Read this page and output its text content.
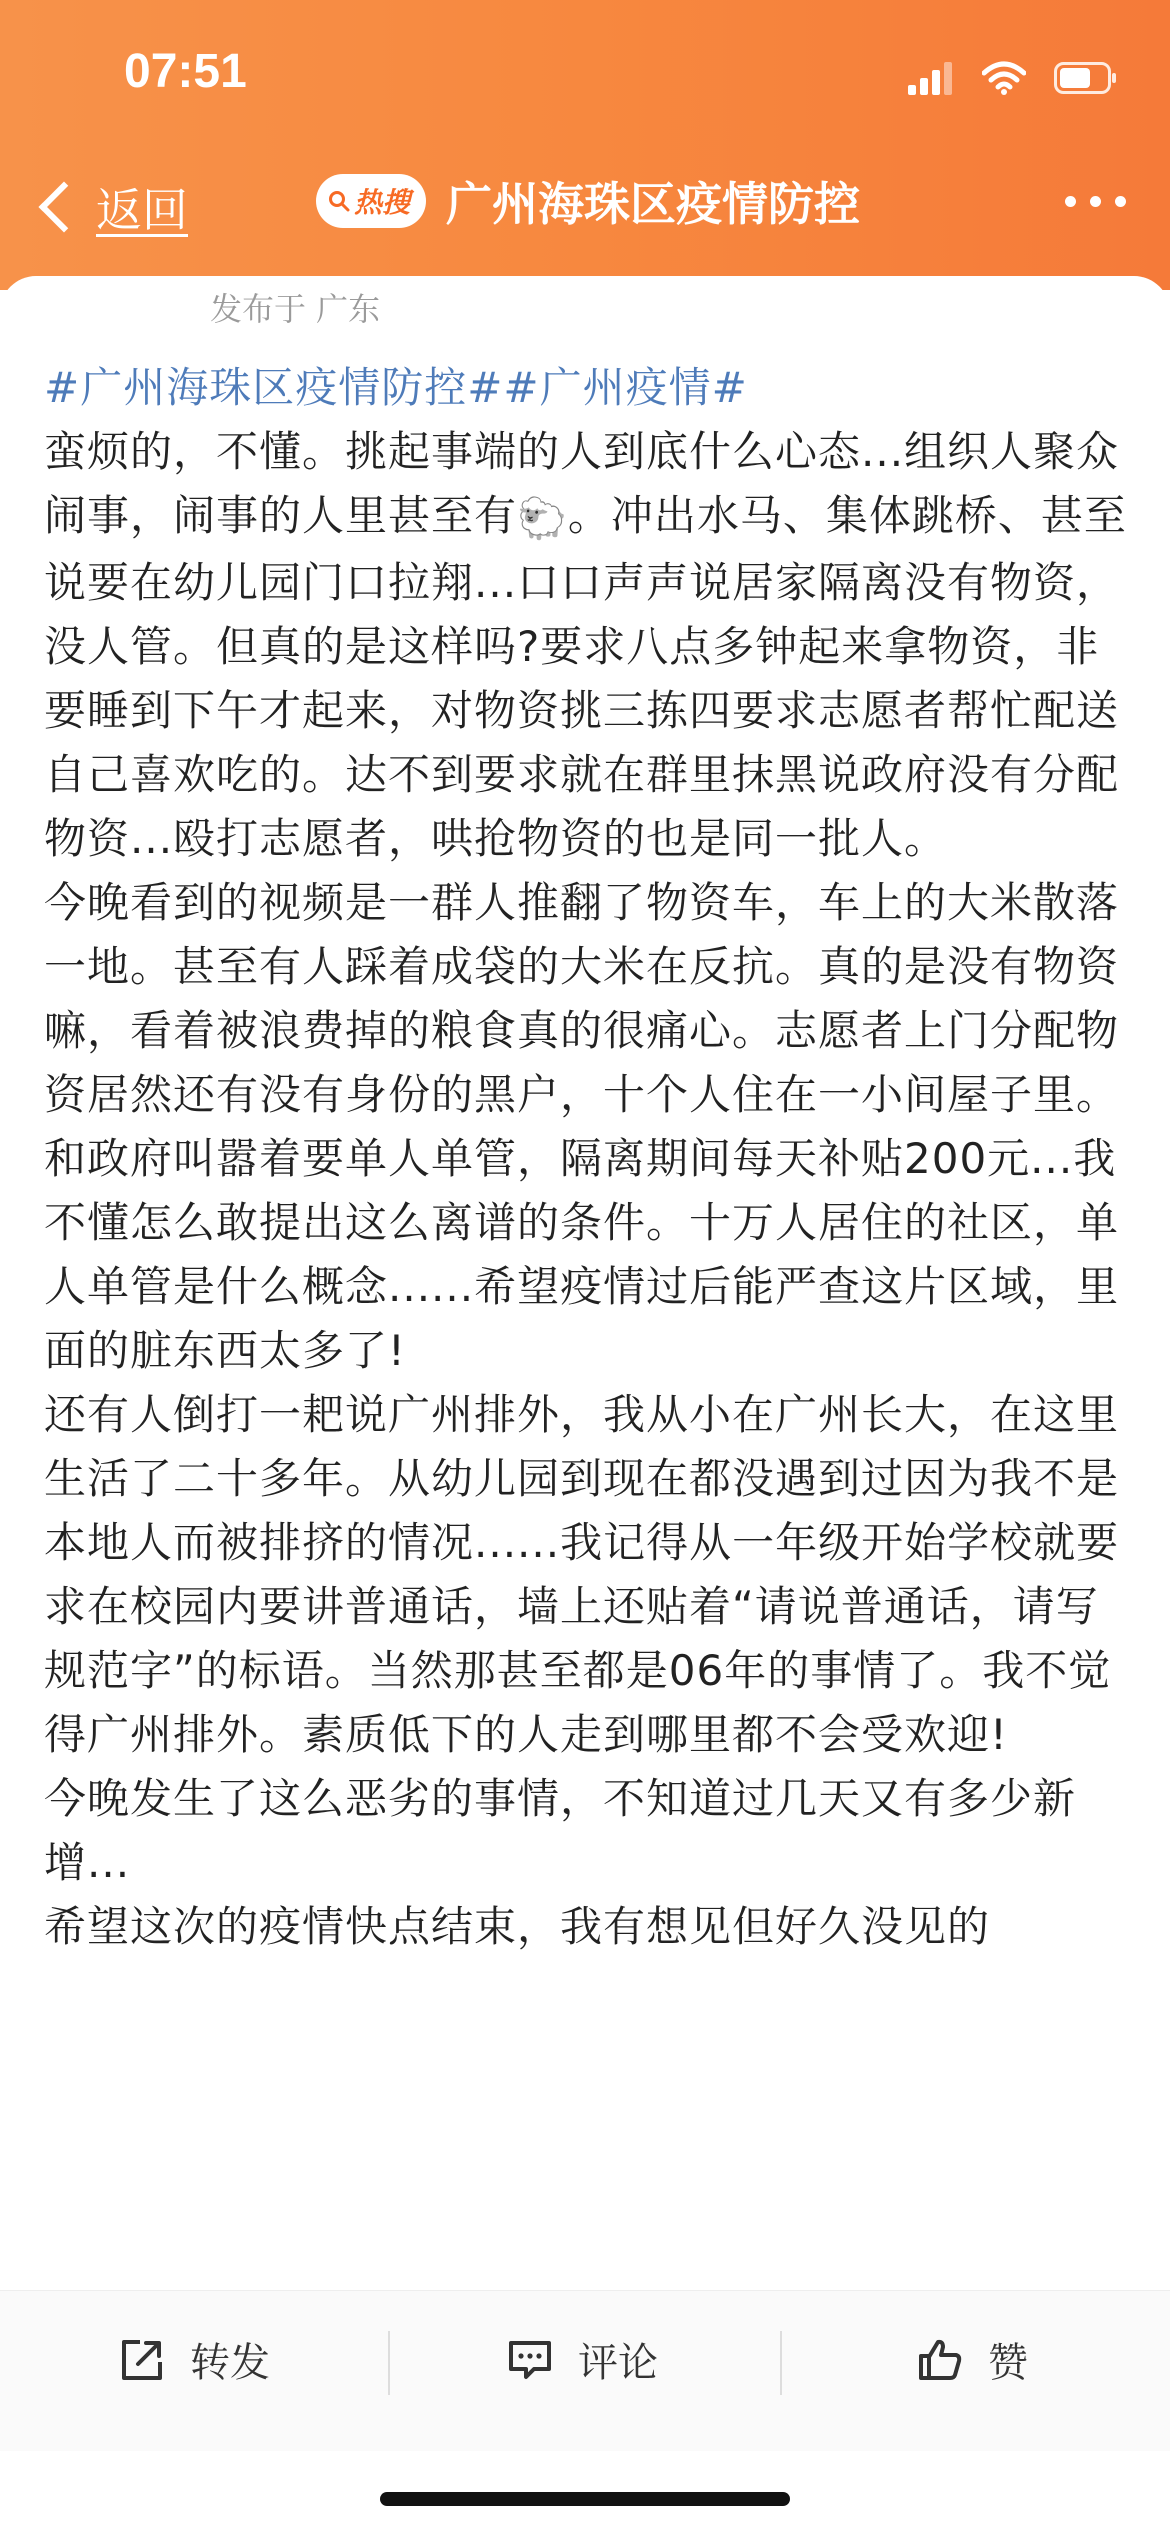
07:51
返回	热搜 广州海珠区疫情防控
发布于 广东

#广州海珠区疫情防控##广州疫情#

蛮烦的，不懂。挑起事端的人到底什么心态...组织人聚众闹事，闹事的人里甚至有🐑。冲出水马、集体跳桥、甚至说要在幼儿园门口拉翔...口口声声说居家隔离没有物资，没人管。但真的是这样吗?要求八点多钟起来拿物资，非要睡到下午才起来，对物资挑三拣四要求志愿者帮忙配送自己喜欢吃的。达不到要求就在群里抹黑说政府没有分配物资...殴打志愿者，哄抢物资的也是同一批人。

今晚看到的视频是一群人推翻了物资车，车上的大米散落一地。甚至有人踩着成袋的大米在反抗。真的是没有物资嘛，看着被浪费掉的粮食真的很痛心。志愿者上门分配物资居然还有没有身份的黑户，十个人住在一小间屋子里。和政府叫嚣着要单人单管，隔离期间每天补贴200元...我不懂怎么敢提出这么离谱的条件。十万人居住的社区，单人单管是什么概念......希望疫情过后能严查这片区域，里面的脏东西太多了!

还有人倒打一耙说广州排外，我从小在广州长大，在这里生活了二十多年。从幼儿园到现在都没遇到过因为我不是本地人而被排挤的情况......我记得从一年级开始学校就要求在校园内要讲普通话，墙上还贴着“请说普通话，请写规范字”的标语。当然那甚至都是06年的事情了。我不觉得广州排外。素质低下的人走到哪里都不会受欢迎!

今晚发生了这么恶劣的事情，不知道过几天又有多少新增...

希望这次的疫情快点结束，我有想见但好久没见的

转发	评论	赞
